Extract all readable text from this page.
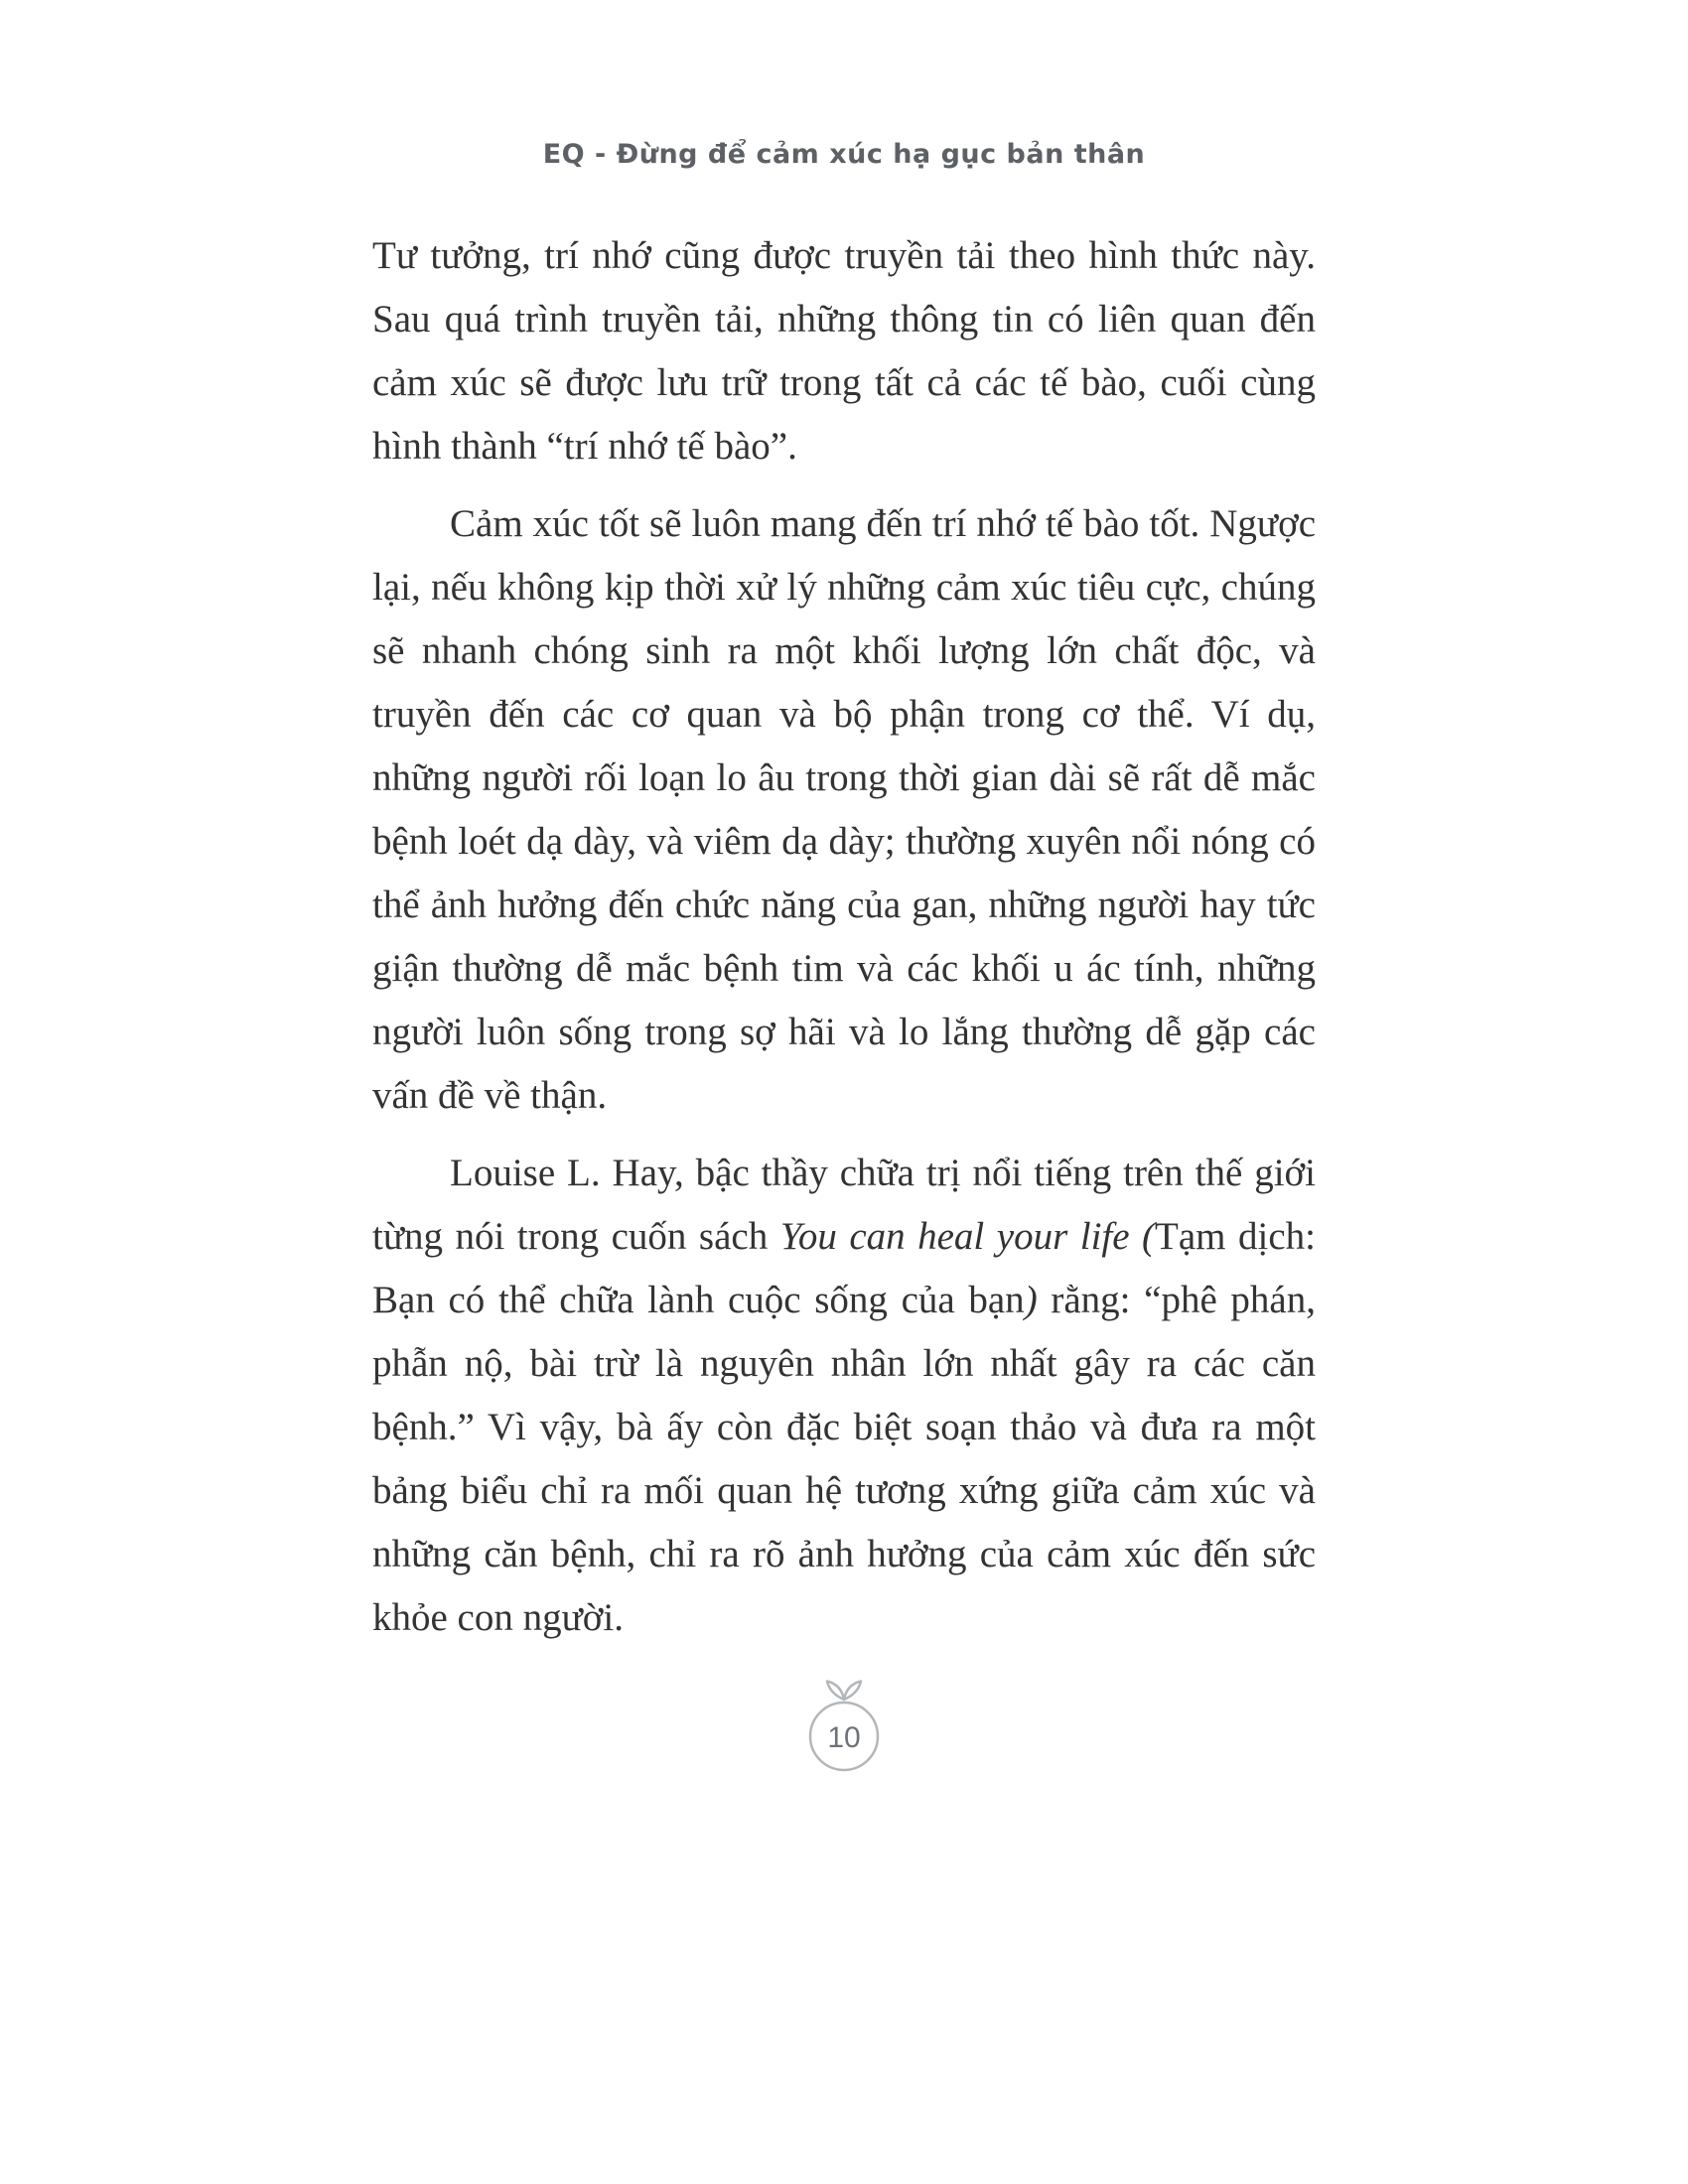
EQ - Đừng để cảm xúc hạ gục bản thân

Tư tưởng, trí nhớ cũng được truyền tải theo hình thức này. Sau quá trình truyền tải, những thông tin có liên quan đến cảm xúc sẽ được lưu trữ trong tất cả các tế bào, cuối cùng hình thành “trí nhớ tế bào”.

Cảm xúc tốt sẽ luôn mang đến trí nhớ tế bào tốt. Ngược lại, nếu không kịp thời xử lý những cảm xúc tiêu cực, chúng sẽ nhanh chóng sinh ra một khối lượng lớn chất độc, và truyền đến các cơ quan và bộ phận trong cơ thể. Ví dụ, những người rối loạn lo âu trong thời gian dài sẽ rất dễ mắc bệnh loét dạ dày, và viêm dạ dày; thường xuyên nổi nóng có thể ảnh hưởng đến chức năng của gan, những người hay tức giận thường dễ mắc bệnh tim và các khối u ác tính, những người luôn sống trong sợ hãi và lo lắng thường dễ gặp các vấn đề về thận.

Louise L. Hay, bậc thầy chữa trị nổi tiếng trên thế giới từng nói trong cuốn sách You can heal your life (Tạm dịch: Bạn có thể chữa lành cuộc sống của bạn) rằng: “phê phán, phẫn nộ, bài trừ là nguyên nhân lớn nhất gây ra các căn bệnh.” Vì vậy, bà ấy còn đặc biệt soạn thảo và đưa ra một bảng biểu chỉ ra mối quan hệ tương xứng giữa cảm xúc và những căn bệnh, chỉ ra rõ ảnh hưởng của cảm xúc đến sức khỏe con người.

10
